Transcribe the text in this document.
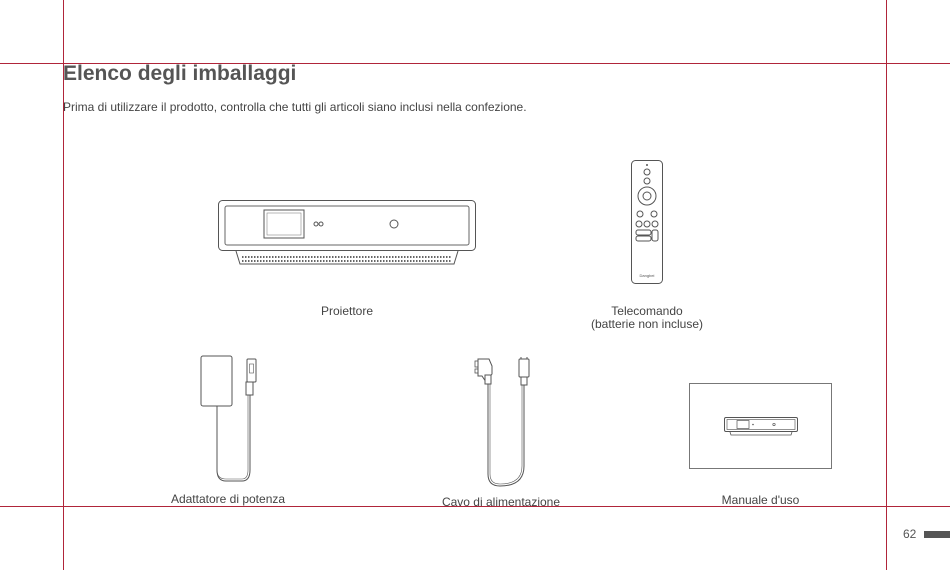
Elenco degli imballaggi
Prima di utilizzare il prodotto, controlla che tutti gli articoli siano inclusi nella confezione.
Proiettore
Dangbei
Telecomando
(batterie non incluse)
Adattatore di potenza	Cavo di alimentazione	Manuale d'uso
62
